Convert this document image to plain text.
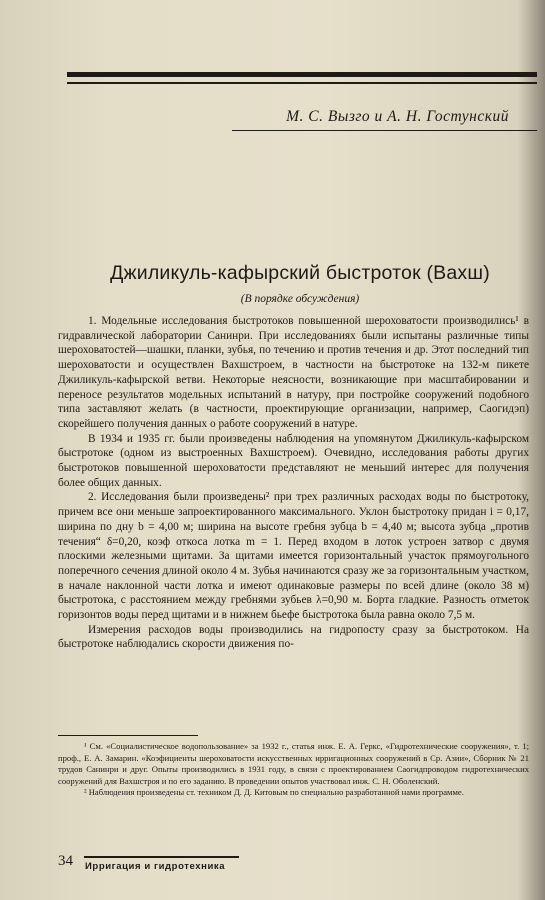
М. С. Вызго и А. Н. Гостунский
Джиликуль-кафырский быстроток (Вахш)
(В порядке обсуждения)

1. Модельные исследования быстротоков повышенной шероховатости производились¹ в гидравлической лаборатории Санинри. При исследованиях были испытаны различные типы шероховатостей—шашки, планки, зубья, по течению и против течения и др. Этот последний тип шероховатости и осуществлен Вахшстроем, в частности на быстротоке на 132-м пикете Джиликуль-кафырской ветви. Некоторые неясности, возникающие при масштабировании и переносе результатов модельных испытаний в натуру, при постройке сооружений подобного типа заставляют желать (в частности, проектирующие организации, например, Саогидэп) скорейшего получения данных о работе сооружений в натуре.

В 1934 и 1935 гг. были произведены наблюдения на упомянутом Джиликуль-кафырском быстротоке (одном из выстроенных Вахшстроем). Очевидно, исследования работы других быстротоков повышенной шероховатости представляют не меньший интерес для получения более общих данных.

2. Исследования были произведены² при трех различных расходах воды по быстротоку, причем все они меньше запроектированного максимального. Уклон быстротоку придан i = 0,17, ширина по дну b = 4,00 м; ширина на высоте гребня зубца b = 4,40 м; высота зубца „против течения“ δ=0,20, коэф откоса лотка m = 1. Перед входом в лоток устроен затвор с двумя плоскими железными щитами. За щитами имеется горизонтальный участок прямоугольного поперечного сечения длиной около 4 м. Зубья начинаются сразу же за горизонтальным участком, в начале наклонной части лотка и имеют одинаковые размеры по всей длине (около 38 м) быстротока, с расстоянием между гребнями зубьев λ=0,90 м. Борта гладкие. Разность отметок горизонтов воды перед щитами и в нижнем бьефе быстротока была равна около 7,5 м.

Измерения расходов воды производились на гидропосту сразу за быстротоком. На быстротоке наблюдались скорости движения по-

¹ См. «Социалистическое водопользование» за 1932 г., статья инж. Е. А. Геркс, «Гидротехнические сооружения», т. 1; проф., Е. А. Замарин. «Коэфициенты шероховатости искусственных ирригационных сооружений в Ср. Азии», Сборник № 21 трудов Санинри и друг. Опыты производились в 1931 году, в связи с проектированием Саогидпроводом гидротехнических сооружений для Вахшстроя и по его заданию. В проведении опытов участвовал инж. С. Н. Оболенский.

² Наблюдения произведены ст. техником Д. Д. Китовым по специально разработанной нами программе.

34 Ирригация и гидротехника
